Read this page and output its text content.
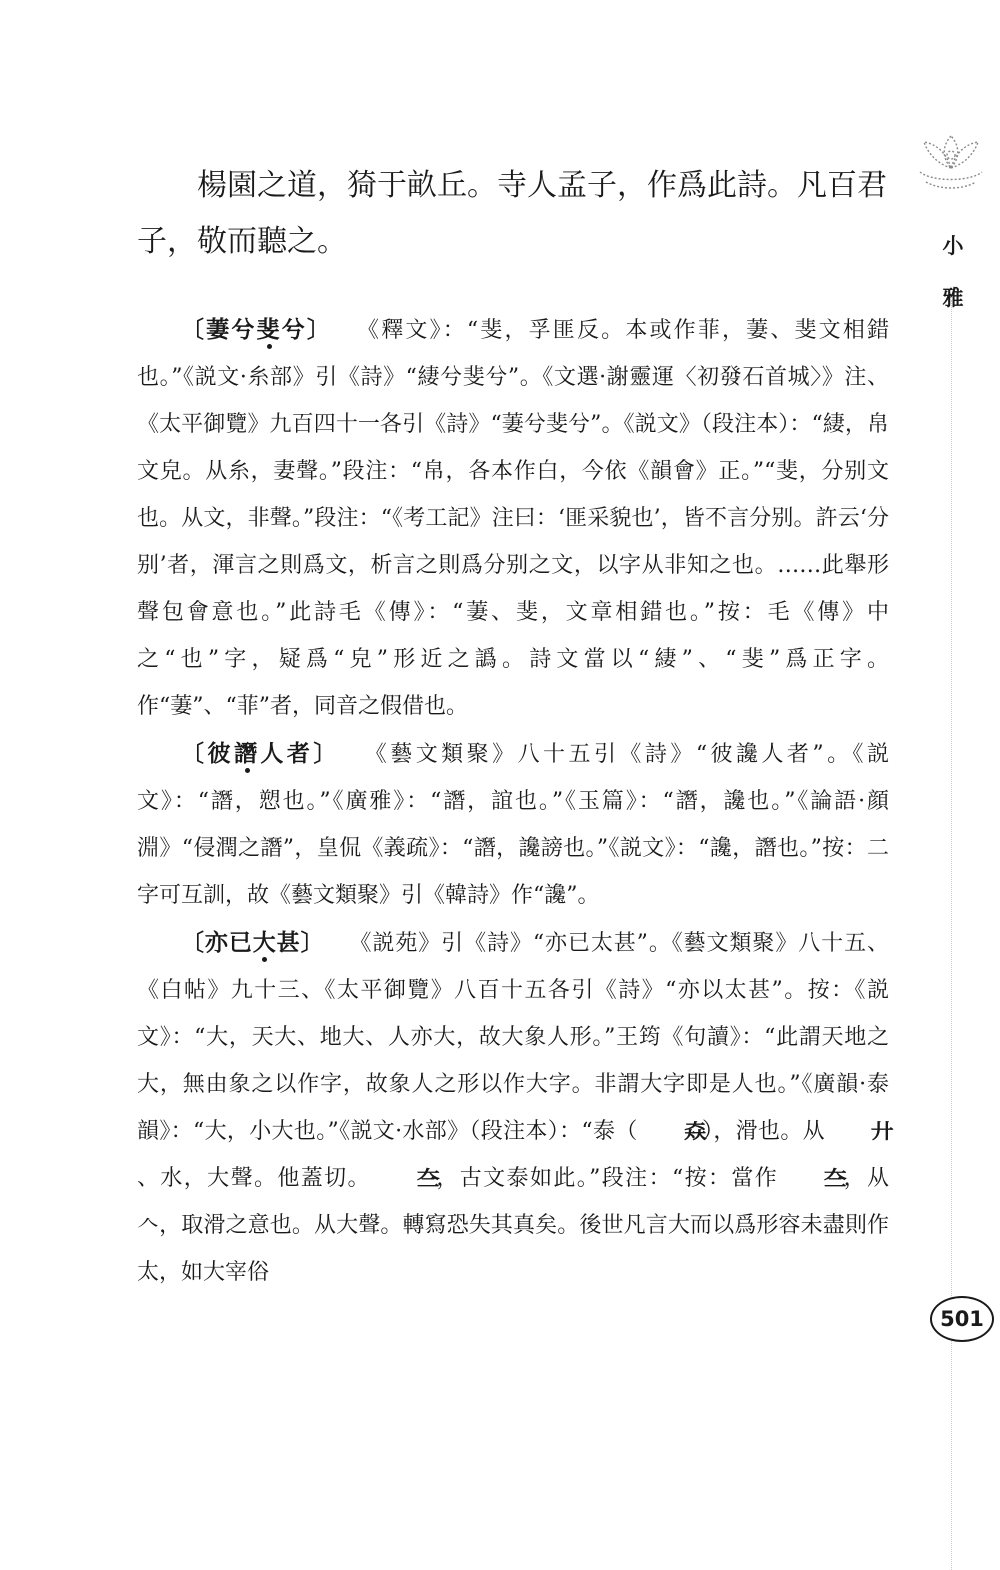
小
雅
501
楊園之道，猗于畝丘。寺人孟子，作爲此詩。凡百君子，敬而聽之。

〔萋兮斐兮〕 《釋文》：“斐，孚匪反。本或作菲，萋、斐文相錯也。”《説文·糸部》引《詩》“緀兮斐兮”。《文選·謝靈運〈初發石首城〉》注、《太平御覽》九百四十一各引《詩》“萋兮斐兮”。《説文》（段注本）：“緀，帛文皃。从糸，妻聲。”段注：“帛，各本作白，今依《韻會》正。”“斐，分别文也。从文，非聲。”段注：“《考工記》注曰：‘匪采貌也’，皆不言分别。許云‘分别’者，渾言之則爲文，析言之則爲分别之文，以字从非知之也。……此舉形聲包會意也。”此詩毛《傳》：“萋、斐，文章相錯也。”按：毛《傳》中之“也”字，疑爲“皃”形近之譌。詩文當以“緀”、“斐”爲正字。作“萋”、“菲”者，同音之假借也。

〔彼譖人者〕 《藝文類聚》八十五引《詩》“彼讒人者”。《説文》：“譖，愬也。”《廣雅》：“譖，誼也。”《玉篇》：“譖，讒也。”《論語·顔淵》“侵潤之譖”，皇侃《義疏》：“譖，讒謗也。”《説文》：“讒，譖也。”按：二字可互訓，故《藝文類聚》引《韓詩》作“讒”。

〔亦已大甚〕 《説苑》引《詩》“亦已太甚”。《藝文類聚》八十五、《白帖》九十三、《太平御覽》八百十五各引《詩》“亦以太甚”。按：《説文》：“大，天大、地大、人亦大，故大象人形。”王筠《句讀》：“此謂天地之大，無由象之以作字，故象人之形以作大字。非謂大字即是人也。”《廣韻·泰韻》：“大，小大也。”《説文·水部》（段注本）：“泰（ 𡘙），滑也。从 廾、水，大聲。他蓋切。 夳，古文泰如此。”段注：“按：當作 夳，从𠆢，取滑之意也。从大聲。轉寫恐失其真矣。後世凡言大而以爲形容未盡則作太，如大宰俗
